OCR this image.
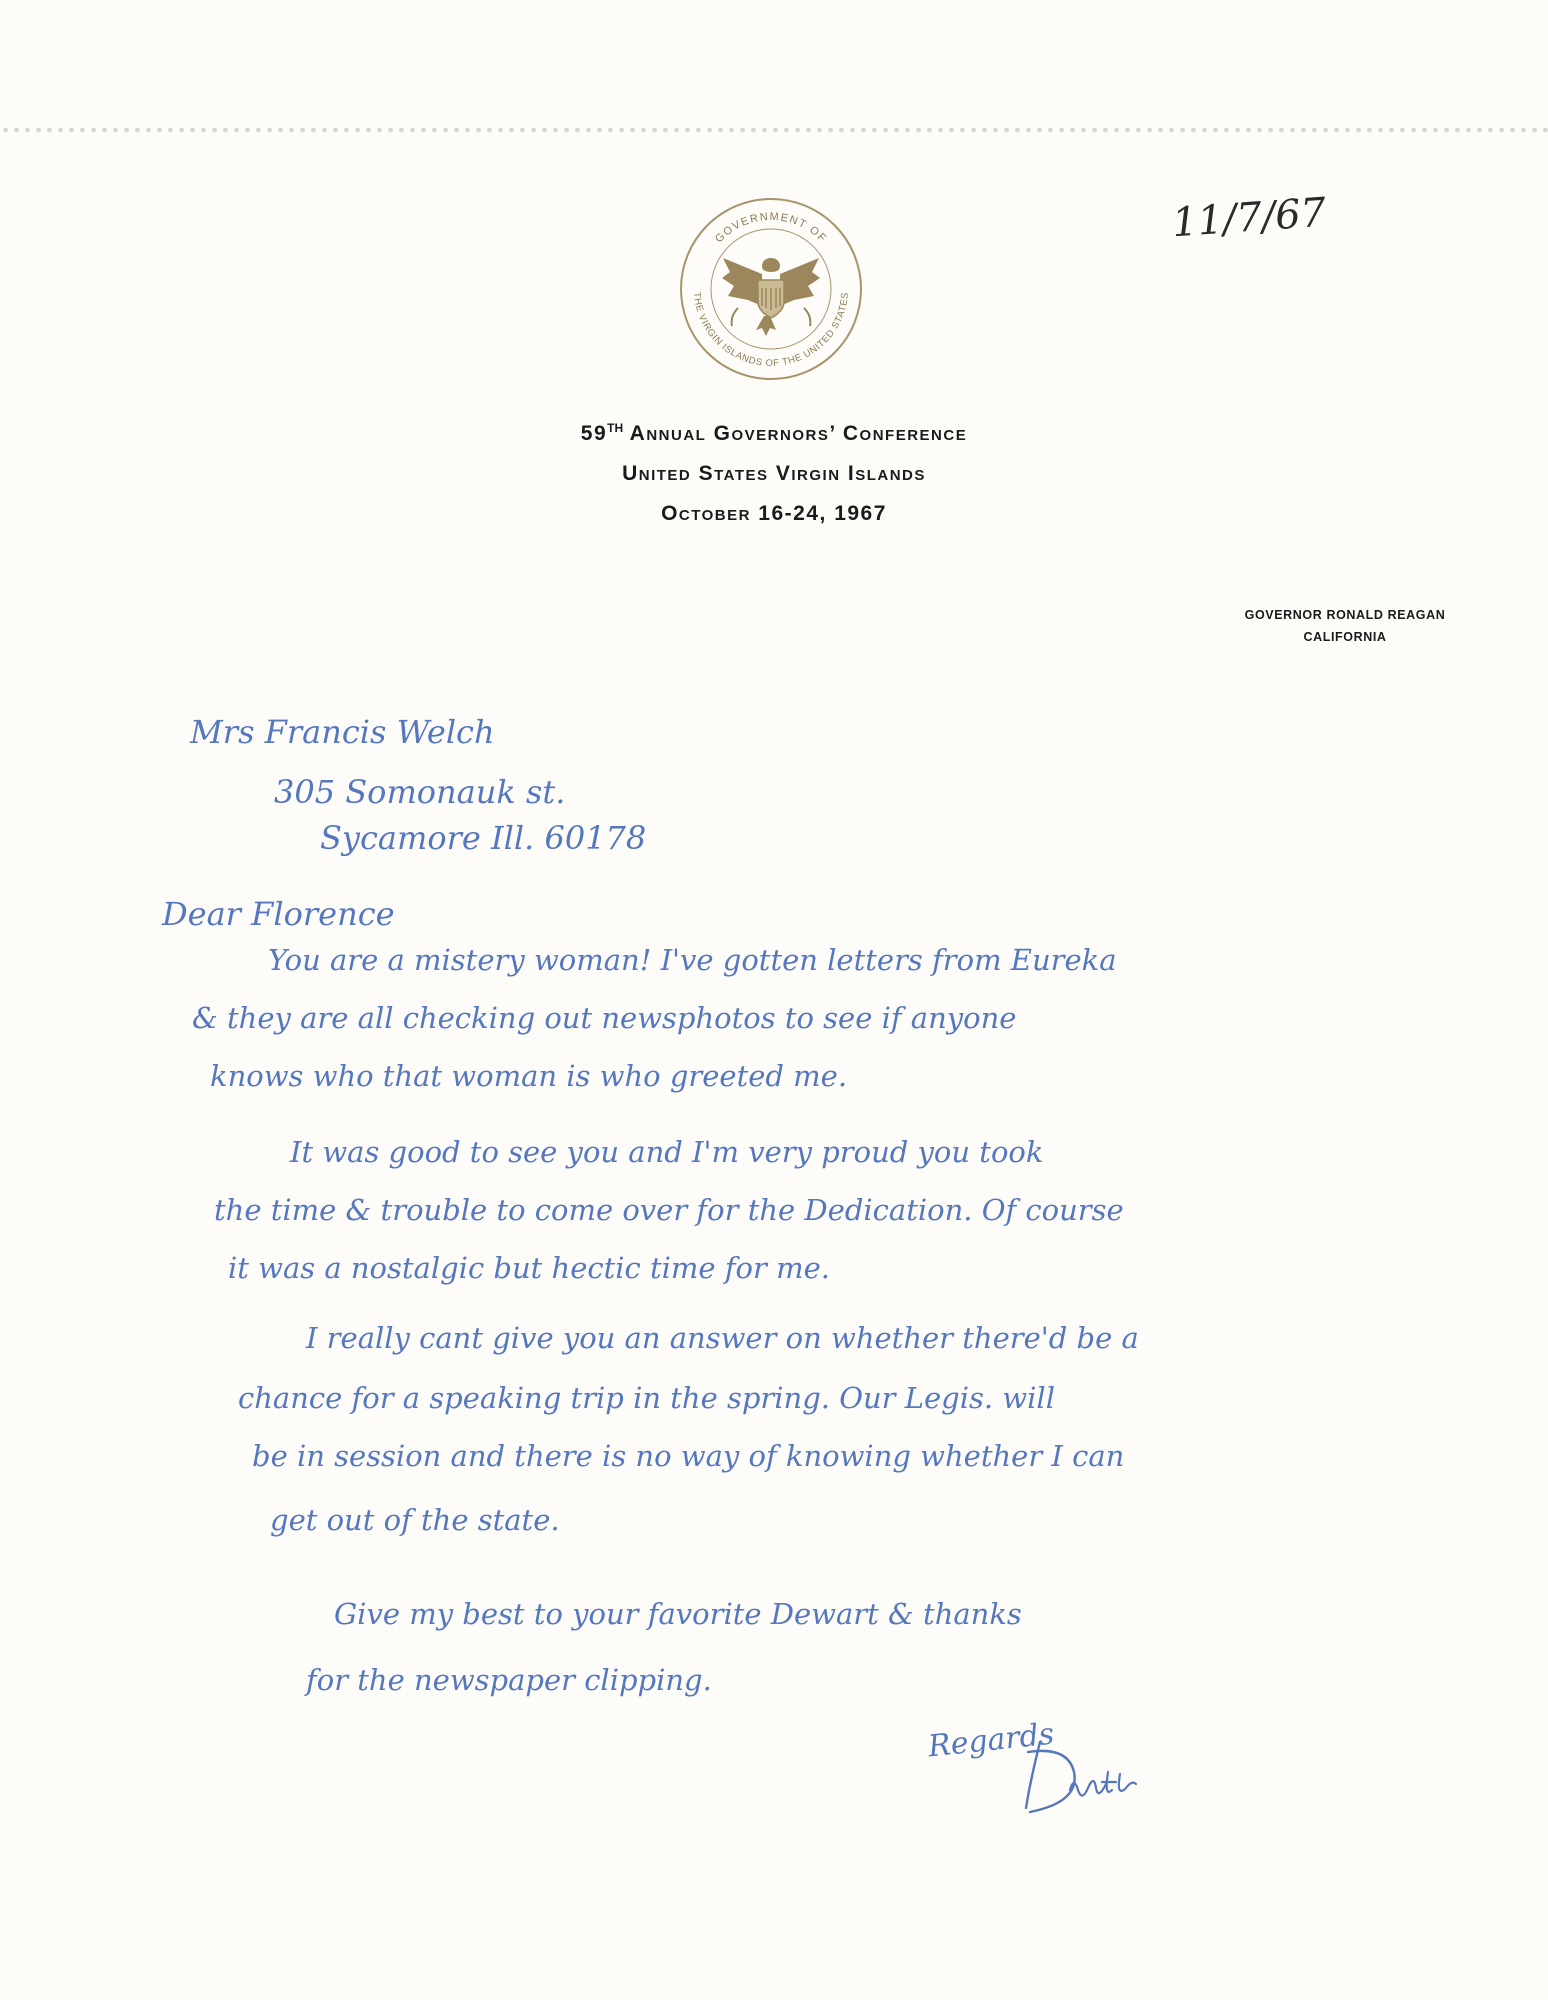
11/7/67
GOVERNMENT OF
THE VIRGIN ISLANDS OF THE UNITED STATES
59TH Annual Governors’ Conference
United States Virgin Islands
October 16-24, 1967
GOVERNOR RONALD REAGAN
CALIFORNIA
Mrs Francis Welch
305 Somonauk st.
Sycamore Ill. 60178
Dear Florence
You are a mistery woman! I've gotten letters from Eureka
& they are all checking out newsphotos to see if anyone
knows who that woman is who greeted me.
It was good to see you and I'm very proud you took
the time & trouble to come over for the Dedication. Of course
it was a nostalgic but hectic time for me.
I really cant give you an answer on whether there'd be a
chance for a speaking trip in the spring. Our Legis. will
be in session and there is no way of knowing whether I can
get out of the state.
Give my best to your favorite Dewart & thanks
for the newspaper clipping.
Regards
